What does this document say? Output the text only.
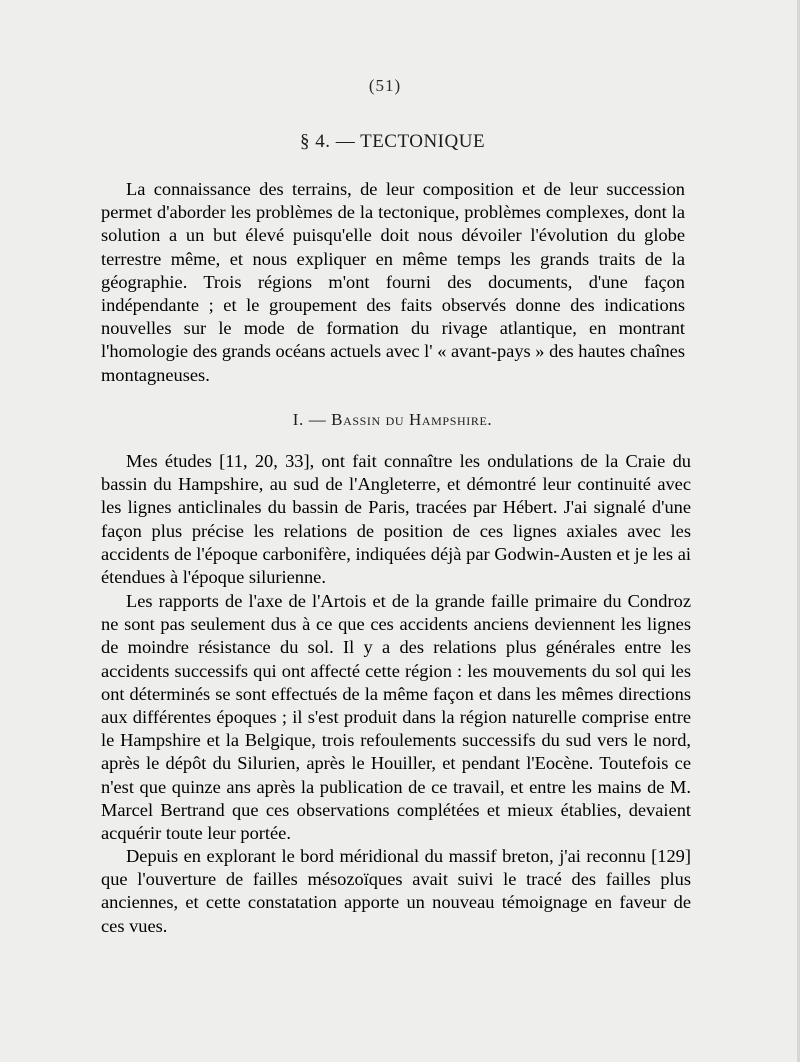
(51)
§ 4. — TECTONIQUE

La connaissance des terrains, de leur composition et de leur succession permet d'aborder les problèmes de la tectonique, problèmes complexes, dont la solution a un but élevé puisqu'elle doit nous dévoiler l'évolution du globe terrestre même, et nous expliquer en même temps les grands traits de la géographie. Trois régions m'ont fourni des documents, d'une façon indépendante ; et le groupement des faits observés donne des indications nouvelles sur le mode de formation du rivage atlantique, en montrant l'homologie des grands océans actuels avec l' « avant-pays » des hautes chaînes montagneuses.

I. — Bassin du Hampshire.

Mes études [11, 20, 33], ont fait connaître les ondulations de la Craie du bassin du Hampshire, au sud de l'Angleterre, et démontré leur continuité avec les lignes anticlinales du bassin de Paris, tracées par Hébert. J'ai signalé d'une façon plus précise les relations de position de ces lignes axiales avec les accidents de l'époque carbonifère, indiquées déjà par Godwin-Austen et je les ai étendues à l'époque silurienne.

Les rapports de l'axe de l'Artois et de la grande faille primaire du Condroz ne sont pas seulement dus à ce que ces accidents anciens deviennent les lignes de moindre résistance du sol. Il y a des relations plus générales entre les accidents successifs qui ont affecté cette région : les mouvements du sol qui les ont déterminés se sont effectués de la même façon et dans les mêmes directions aux différentes époques ; il s'est produit dans la région naturelle comprise entre le Hampshire et la Belgique, trois refoulements successifs du sud vers le nord, après le dépôt du Silurien, après le Houiller, et pendant l'Eocène. Toutefois ce n'est que quinze ans après la publication de ce travail, et entre les mains de M. Marcel Bertrand que ces observations complétées et mieux établies, devaient acquérir toute leur portée.

Depuis en explorant le bord méridional du massif breton, j'ai reconnu [129] que l'ouverture de failles mésozoïques avait suivi le tracé des failles plus anciennes, et cette constatation apporte un nouveau témoignage en faveur de ces vues.
